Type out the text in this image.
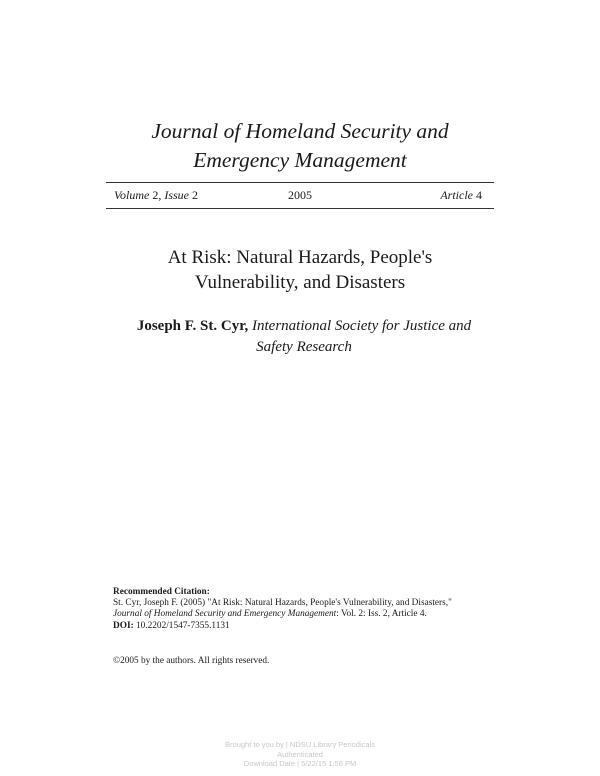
Journal of Homeland Security and
Emergency Management
Volume 2, Issue 2	2005	Article 4
At Risk: Natural Hazards, People's
Vulnerability, and Disasters
Joseph F. St. Cyr, International Society for Justice and
Safety Research
Recommended Citation:
St. Cyr, Joseph F. (2005) "At Risk: Natural Hazards, People's Vulnerability, and Disasters,"
Journal of Homeland Security and Emergency Management: Vol. 2: Iss. 2, Article 4.
DOI: 10.2202/1547-7355.1131
©2005 by the authors. All rights reserved.
Brought to you by | NDSU Library Periodicals
Authenticated
Download Date | 5/22/15 1:56 PM
